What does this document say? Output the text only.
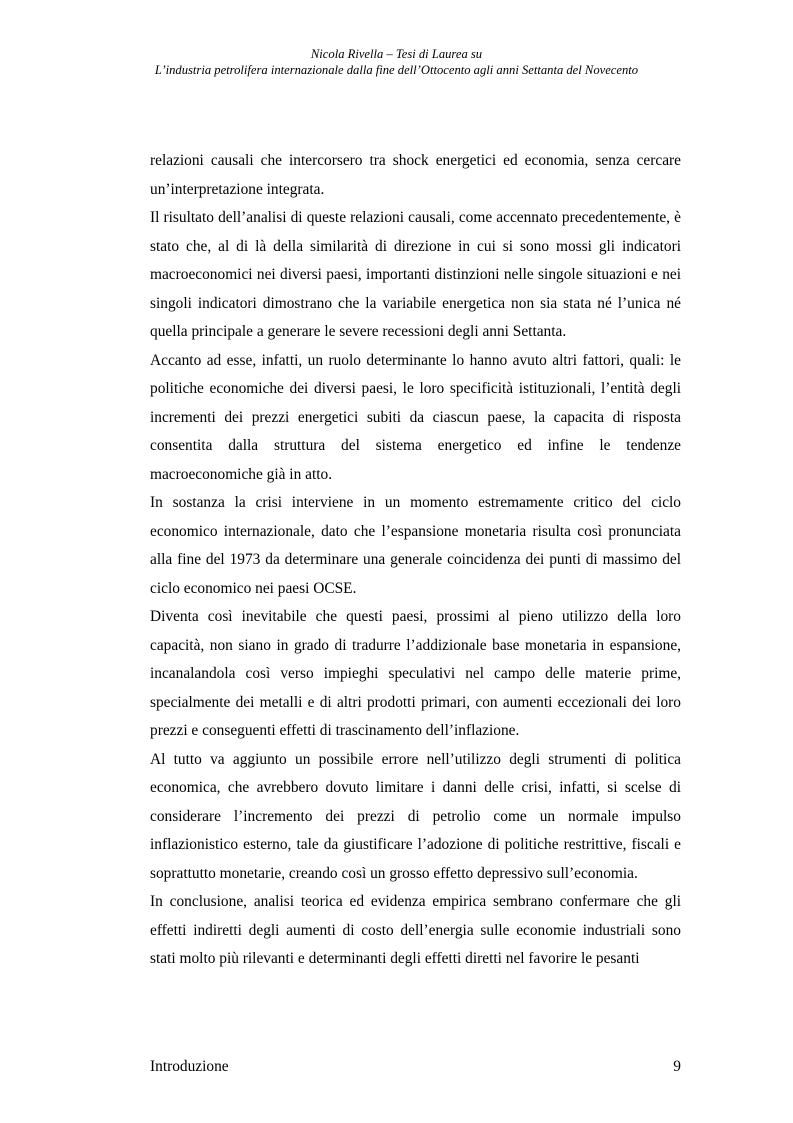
Nicola Rivella – Tesi di Laurea su
L’industria petrolifera internazionale dalla fine dell’Ottocento agli anni Settanta del Novecento

relazioni causali che intercorsero tra shock energetici ed economia, senza cercare un’interpretazione integrata.

Il risultato dell’analisi di queste relazioni causali, come accennato precedentemente, è stato che, al di là della similarità di direzione in cui si sono mossi gli indicatori macroeconomici nei diversi paesi, importanti distinzioni nelle singole situazioni e nei singoli indicatori dimostrano che la variabile energetica non sia stata né l’unica né quella principale a generare le severe recessioni degli anni Settanta.

Accanto ad esse, infatti, un ruolo determinante lo hanno avuto altri fattori, quali: le politiche economiche dei diversi paesi, le loro specificità istituzionali, l’entità degli incrementi dei prezzi energetici subiti da ciascun paese, la capacita di risposta consentita dalla struttura del sistema energetico ed infine le tendenze macroeconomiche già in atto.

In sostanza la crisi interviene in un momento estremamente critico del ciclo economico internazionale, dato che l’espansione monetaria risulta così pronunciata alla fine del 1973 da determinare una generale coincidenza dei punti di massimo del ciclo economico nei paesi OCSE.

Diventa così inevitabile che questi paesi, prossimi al pieno utilizzo della loro capacità, non siano in grado di tradurre l’addizionale base monetaria in espansione, incanalandola così verso impieghi speculativi nel campo delle materie prime, specialmente dei metalli e di altri prodotti primari, con aumenti eccezionali dei loro prezzi e conseguenti effetti di trascinamento dell’inflazione.

Al tutto va aggiunto un possibile errore nell’utilizzo degli strumenti di politica economica, che avrebbero dovuto limitare i danni delle crisi, infatti, si scelse di considerare l’incremento dei prezzi di petrolio come un normale impulso inflazionistico esterno, tale da giustificare l’adozione di politiche restrittive, fiscali e soprattutto monetarie, creando così un grosso effetto depressivo sull’economia.

In conclusione, analisi teorica ed evidenza empirica sembrano confermare che gli effetti indiretti degli aumenti di costo dell’energia sulle economie industriali sono stati molto più rilevanti e determinanti degli effetti diretti nel favorire le pesanti

Introduzione	9
